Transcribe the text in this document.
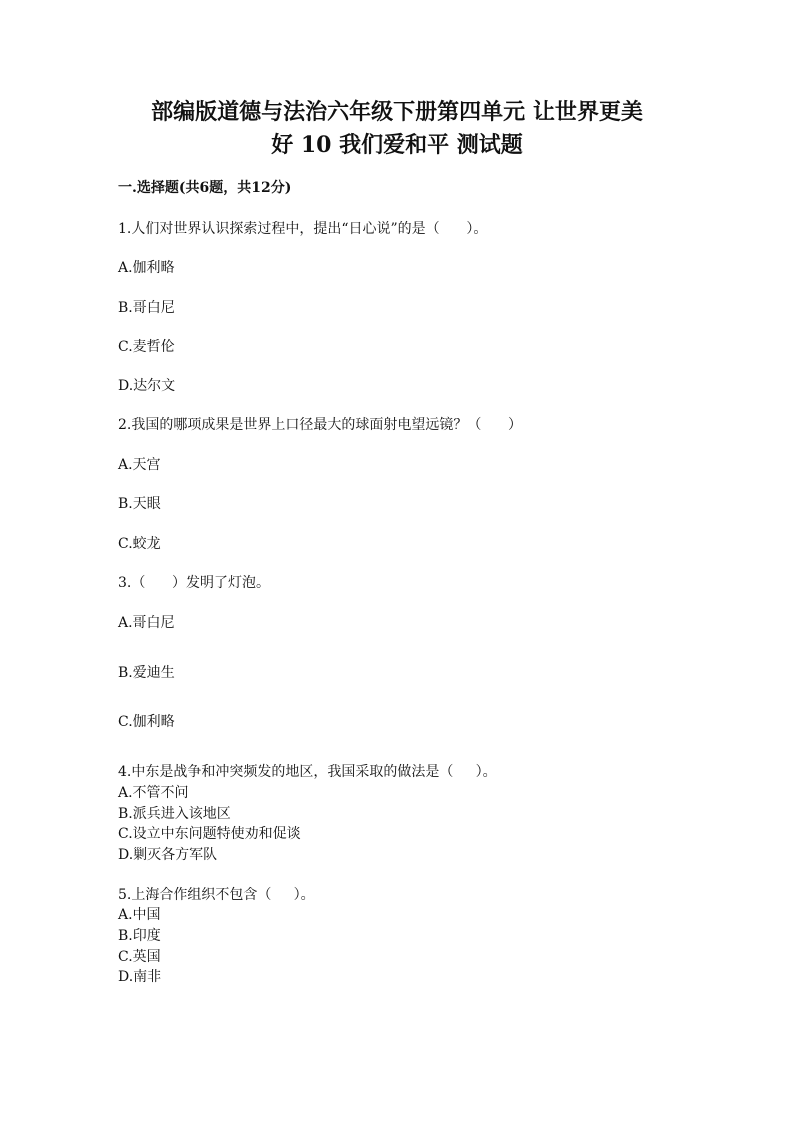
部编版道德与法治六年级下册第四单元 让世界更美
好 10 我们爱和平 测试题
一.选择题(共6题，共12分)
1.人们对世界认识探索过程中，提出“日心说”的是（      ）。
A.伽利略
B.哥白尼
C.麦哲伦
D.达尔文
2.我国的哪项成果是世界上口径最大的球面射电望远镜？（      ）
A.天宫
B.天眼
C.蛟龙
3.（      ）发明了灯泡。
A.哥白尼
B.爱迪生
C.伽利略
4.中东是战争和冲突频发的地区，我国采取的做法是（     ）。
A.不管不问
B.派兵进入该地区
C.设立中东问题特使劝和促谈
D.剿灭各方军队
5.上海合作组织不包含（     ）。
A.中国
B.印度
C.英国
D.南非
